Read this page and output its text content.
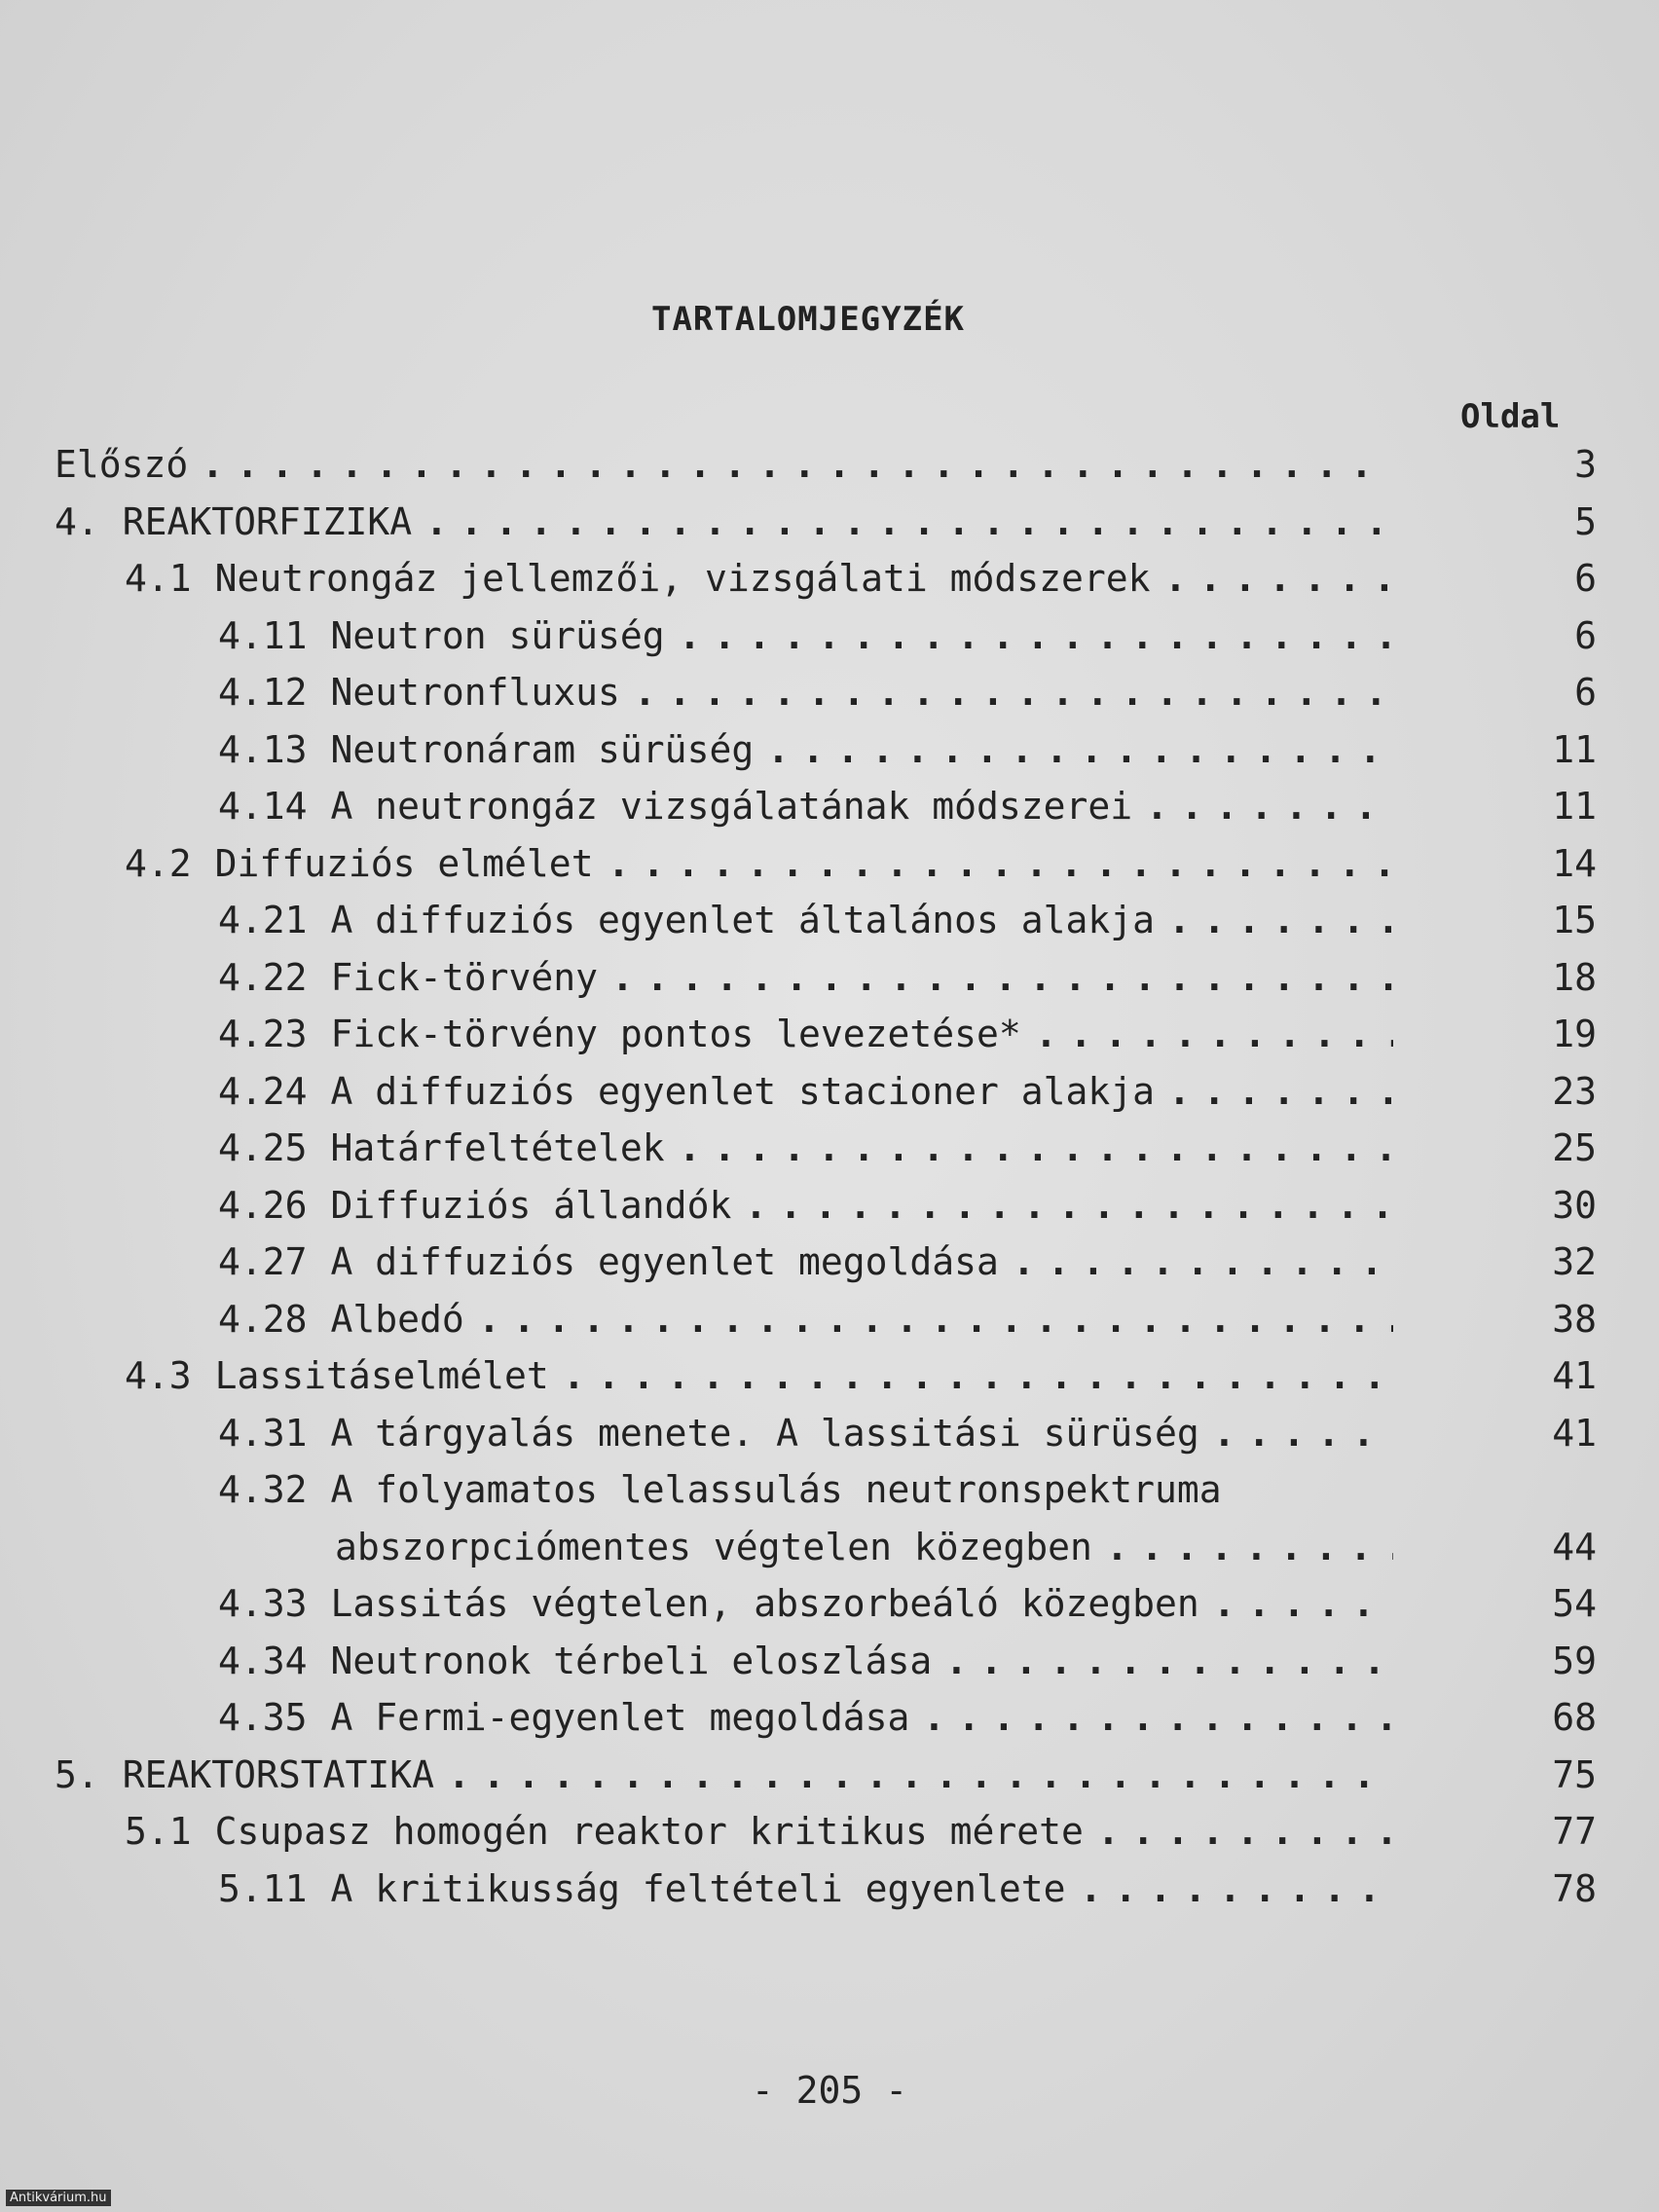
TARTALOMJEGYZÉK
Oldal
Előszó . . .	3
4. REAKTORFIZIKA . . .	5
4.1 Neutrongáz jellemzői, vizsgálati módszerek . . .	6
4.11 Neutron sürüség . . .	6
4.12 Neutronfluxus . . .	6
4.13 Neutronáram sürüség . . .	11
4.14 A neutrongáz vizsgálatának módszerei . . .	11
4.2 Diffuziós elmélet . . .	14
4.21 A diffuziós egyenlet általános alakja . . .	15
4.22 Fick-törvény . . .	18
4.23 Fick-törvény pontos levezetése* . . .	19
4.24 A diffuziós egyenlet stacioner alakja . . .	23
4.25 Határfeltételek . . .	25
4.26 Diffuziós állandók . . .	30
4.27 A diffuziós egyenlet megoldása . . .	32
4.28 Albedó . . .	38
4.3 Lassitáselmélet . . .	41
4.31 A tárgyalás menete. A lassitási sürüség . . .	41
4.32 A folyamatos lelassulás neutronspektruma
abszorpciómentes végtelen közegben . . .	44
4.33 Lassitás végtelen, abszorbeáló közegben . . .	54
4.34 Neutronok térbeli eloszlása . . .	59
4.35 A Fermi-egyenlet megoldása . . .	68
5. REAKTORSTATIKA . . .	75
5.1 Csupasz homogén reaktor kritikus mérete . . .	77
5.11 A kritikusság feltételi egyenlete . . .	78
- 205 -
Antikvárium.hu
